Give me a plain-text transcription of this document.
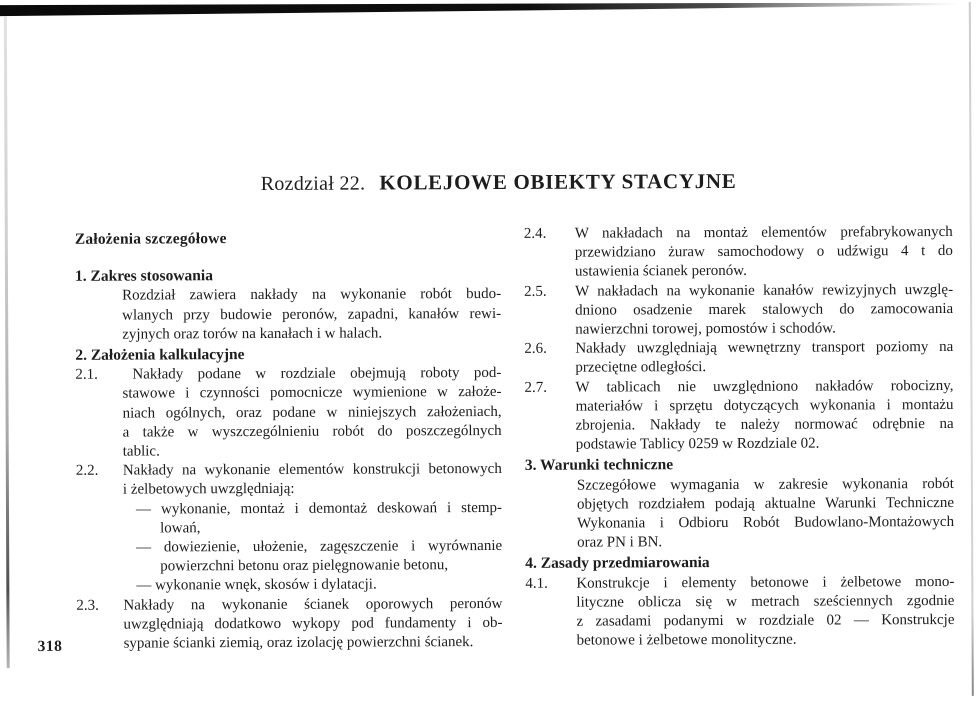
Rozdział 22. KOLEJOWE OBIEKTY STACYJNE
Założenia szczegółowe
1. Zakres stosowania
Rozdział zawiera nakłady na wykonanie robót budo-
wlanych przy budowie peronów, zapadni, kanałów rewi-
zyjnych oraz torów na kanałach i w halach.
2. Założenia kalkulacyjne
2.1.	Nakłady podane w rozdziale obejmują roboty pod-
stawowe i czynności pomocnicze wymienione w założe-
niach ogólnych, oraz podane w niniejszych założeniach,
a także w wyszczególnieniu robót do poszczególnych
tablic.
2.2.	Nakłady na wykonanie elementów konstrukcji betonowych
i żelbetowych uwzględniają:
— wykonanie, montaż i demontaż deskowań i stemp-
lowań,
— dowiezienie, ułożenie, zagęszczenie i wyrównanie
powierzchni betonu oraz pielęgnowanie betonu,
— wykonanie wnęk, skosów i dylatacji.
2.3.	Nakłady na wykonanie ścianek oporowych peronów
uwzględniają dodatkowo wykopy pod fundamenty i ob-
sypanie ścianki ziemią, oraz izolację powierzchni ścianek.
2.4.	W nakładach na montaż elementów prefabrykowanych
przewidziano żuraw samochodowy o udźwigu 4 t do
ustawienia ścianek peronów.
2.5.	W nakładach na wykonanie kanałów rewizyjnych uwzglę-
dniono osadzenie marek stalowych do zamocowania
nawierzchni torowej, pomostów i schodów.
2.6.	Nakłady uwzględniają wewnętrzny transport poziomy na
przeciętne odległości.
2.7.	W tablicach nie uwzględniono nakładów robocizny,
materiałów i sprzętu dotyczących wykonania i montażu
zbrojenia. Nakłady te należy normować odrębnie na
podstawie Tablicy 0259 w Rozdziale 02.
3. Warunki techniczne
Szczegółowe wymagania w zakresie wykonania robót
objętych rozdziałem podają aktualne Warunki Techniczne
Wykonania i Odbioru Robót Budowlano-Montażowych
oraz PN i BN.
4. Zasady przedmiarowania
4.1.	Konstrukcje i elementy betonowe i żelbetowe mono-
lityczne oblicza się w metrach sześciennych zgodnie
z zasadami podanymi w rozdziale 02 — Konstrukcje
betonowe i żelbetowe monolityczne.
318
